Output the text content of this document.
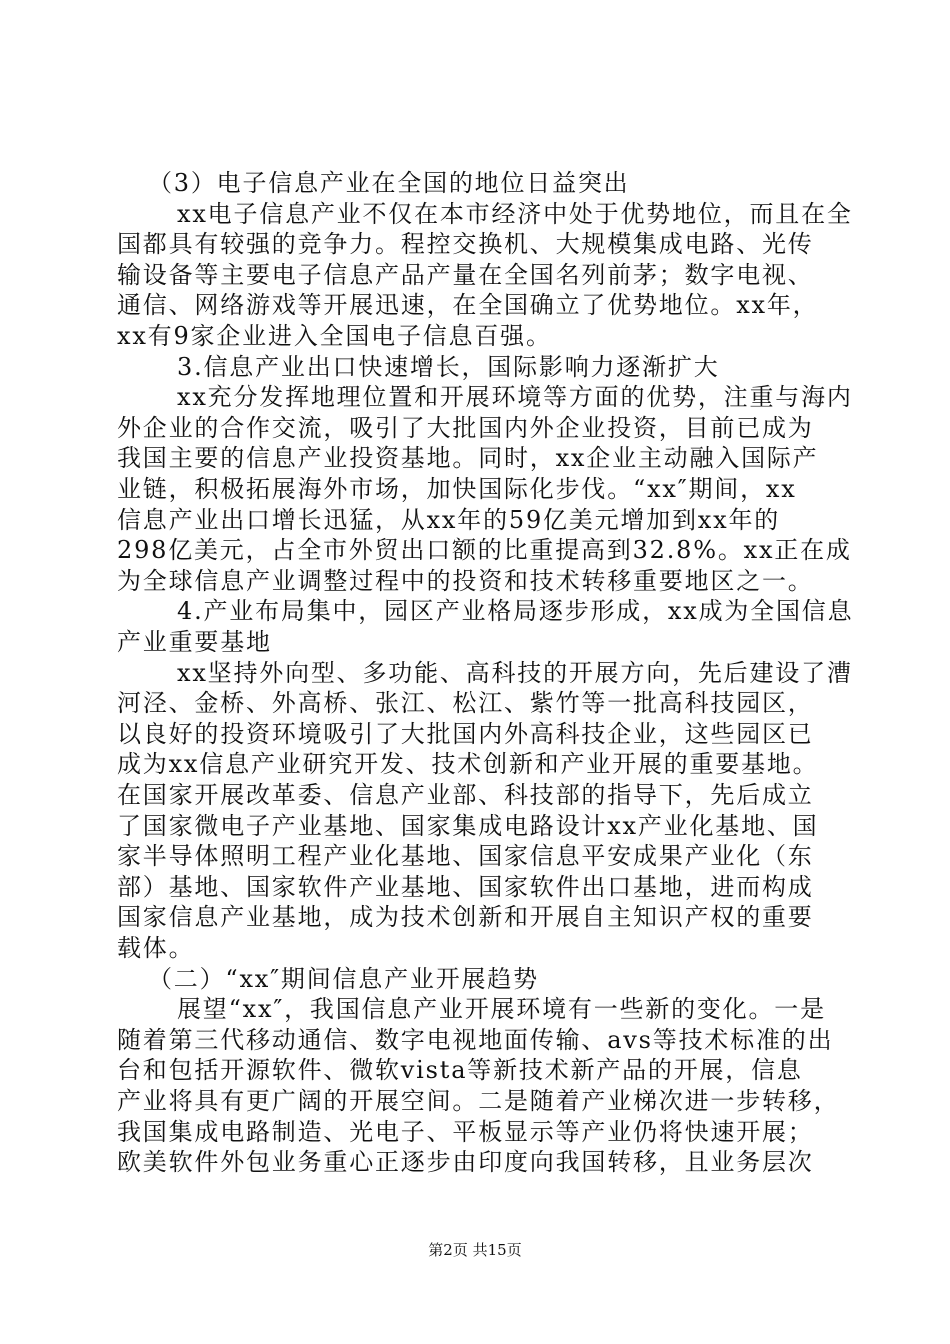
（3）电子信息产业在全国的地位日益突出
xx电子信息产业不仅在本市经济中处于优势地位，而且在全
国都具有较强的竞争力。程控交换机、大规模集成电路、光传
输设备等主要电子信息产品产量在全国名列前茅；数字电视、
通信、网络游戏等开展迅速，在全国确立了优势地位。xx年，
xx有9家企业进入全国电子信息百强。
3.信息产业出口快速增长，国际影响力逐渐扩大
xx充分发挥地理位置和开展环境等方面的优势，注重与海内
外企业的合作交流，吸引了大批国内外企业投资，目前已成为
我国主要的信息产业投资基地。同时，xx企业主动融入国际产
业链，积极拓展海外市场，加快国际化步伐。“xx″期间，xx
信息产业出口增长迅猛，从xx年的59亿美元增加到xx年的
298亿美元，占全市外贸出口额的比重提高到32.8%。xx正在成
为全球信息产业调整过程中的投资和技术转移重要地区之一。
4.产业布局集中，园区产业格局逐步形成，xx成为全国信息
产业重要基地
xx坚持外向型、多功能、高科技的开展方向，先后建设了漕
河泾、金桥、外高桥、张江、松江、紫竹等一批高科技园区，
以良好的投资环境吸引了大批国内外高科技企业，这些园区已
成为xx信息产业研究开发、技术创新和产业开展的重要基地。
在国家开展改革委、信息产业部、科技部的指导下，先后成立
了国家微电子产业基地、国家集成电路设计xx产业化基地、国
家半导体照明工程产业化基地、国家信息平安成果产业化（东
部）基地、国家软件产业基地、国家软件出口基地，进而构成
国家信息产业基地，成为技术创新和开展自主知识产权的重要
载体。
（二）“xx″期间信息产业开展趋势
展望“xx″，我国信息产业开展环境有一些新的变化。一是
随着第三代移动通信、数字电视地面传输、avs等技术标准的出
台和包括开源软件、微软vista等新技术新产品的开展，信息
产业将具有更广阔的开展空间。二是随着产业梯次进一步转移，
我国集成电路制造、光电子、平板显示等产业仍将快速开展；
欧美软件外包业务重心正逐步由印度向我国转移，且业务层次
第2页 共15页
